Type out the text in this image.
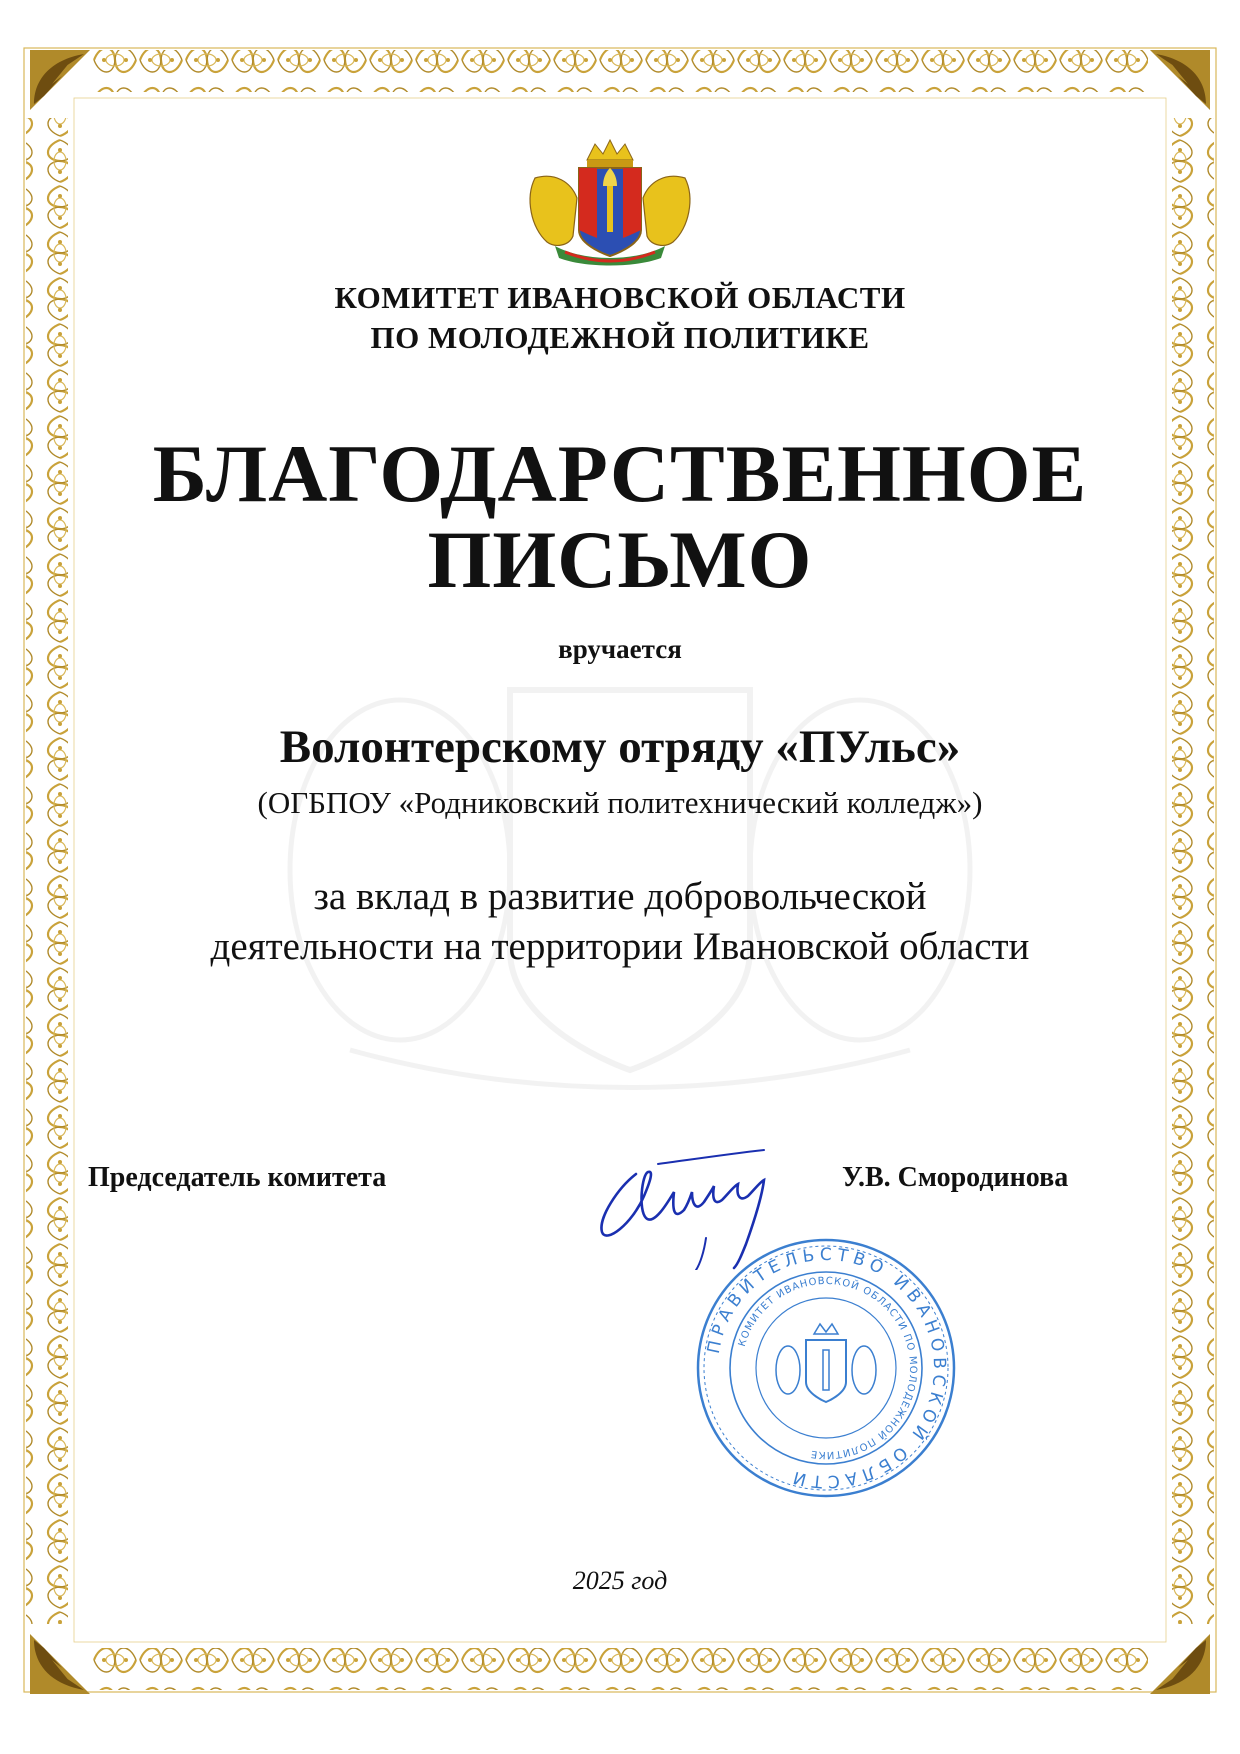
КОМИТЕТ ИВАНОВСКОЙ ОБЛАСТИ
ПО МОЛОДЕЖНОЙ ПОЛИТИКЕ
БЛАГОДАРСТВЕННОЕ
ПИСЬМО
вручается
Волонтерскому отряду «ПУльс»
(ОГБПОУ «Родниковский политехнический колледж»)
за вклад в развитие добровольческой
деятельности на территории Ивановской области
Председатель комитета	У.В. Смородинова
ПРАВИТЕЛЬСТВО ИВАНОВСКОЙ ОБЛАСТИ
КОМИТЕТ ИВАНОВСКОЙ ОБЛАСТИ ПО МОЛОДЕЖНОЙ ПОЛИТИКЕ
2025 год
